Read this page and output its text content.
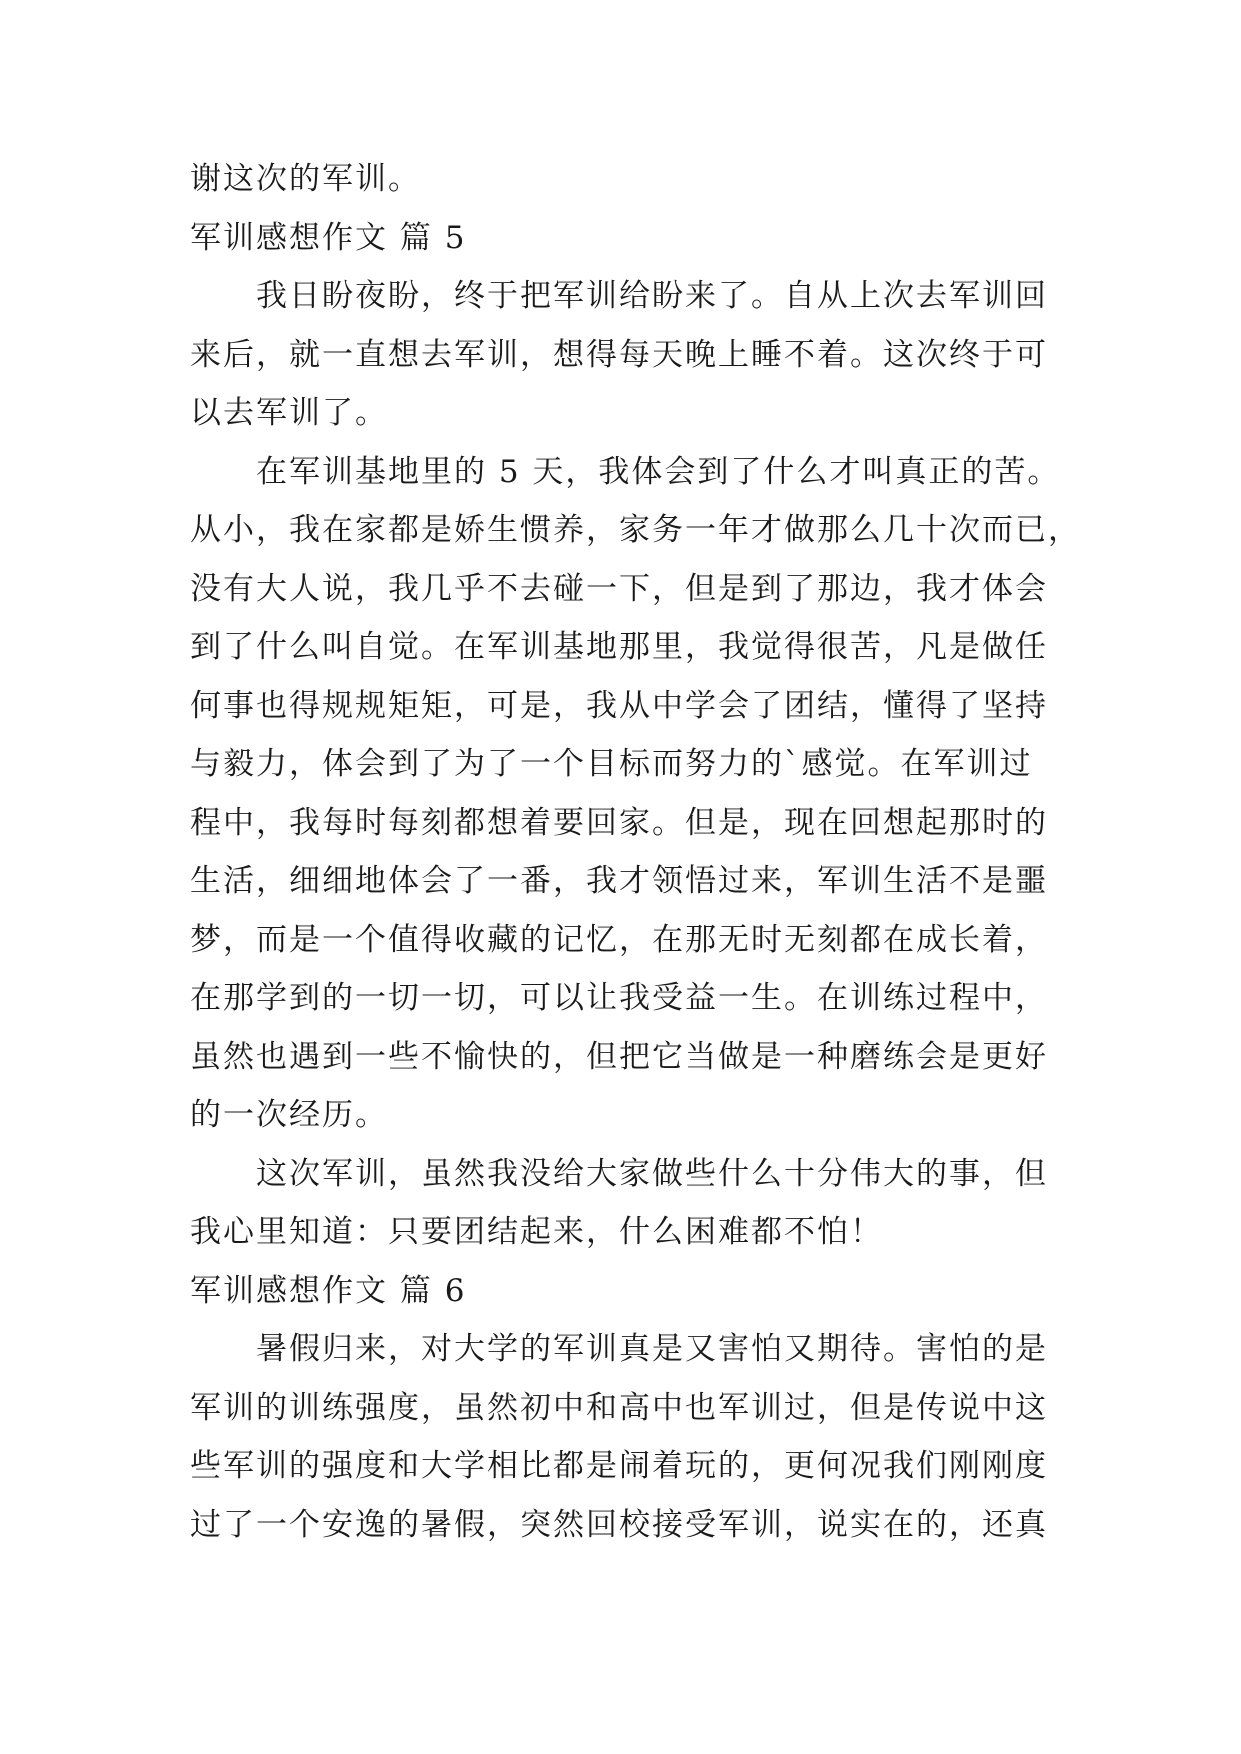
谢这次的军训。
军训感想作文 篇 5
我日盼夜盼，终于把军训给盼来了。自从上次去军训回
来后，就一直想去军训，想得每天晚上睡不着。这次终于可
以去军训了。
在军训基地里的 5 天，我体会到了什么才叫真正的苦。
从小，我在家都是娇生惯养，家务一年才做那么几十次而已，
没有大人说，我几乎不去碰一下，但是到了那边，我才体会
到了什么叫自觉。在军训基地那里，我觉得很苦，凡是做任
何事也得规规矩矩，可是，我从中学会了团结，懂得了坚持
与毅力，体会到了为了一个目标而努力的`感觉。在军训过
程中，我每时每刻都想着要回家。但是，现在回想起那时的
生活，细细地体会了一番，我才领悟过来，军训生活不是噩
梦，而是一个值得收藏的记忆，在那无时无刻都在成长着，
在那学到的一切一切，可以让我受益一生。在训练过程中，
虽然也遇到一些不愉快的，但把它当做是一种磨练会是更好
的一次经历。
这次军训，虽然我没给大家做些什么十分伟大的事，但
我心里知道：只要团结起来，什么困难都不怕！
军训感想作文 篇 6
暑假归来，对大学的军训真是又害怕又期待。害怕的是
军训的训练强度，虽然初中和高中也军训过，但是传说中这
些军训的强度和大学相比都是闹着玩的，更何况我们刚刚度
过了一个安逸的暑假，突然回校接受军训，说实在的，还真
